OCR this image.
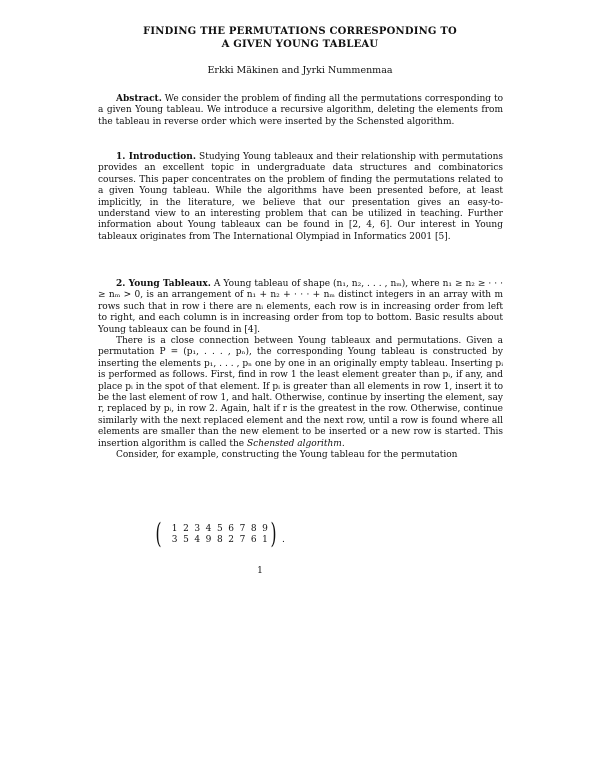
FINDING THE PERMUTATIONS CORRESPONDING TO
A GIVEN YOUNG TABLEAU
Erkki Mäkinen and Jyrki Nummenmaa

Abstract. We consider the problem of finding all the permutations corresponding to a given Young tableau. We introduce a recursive algorithm, deleting the elements from the tableau in reverse order which were inserted by the Schensted algorithm.

1. Introduction. Studying Young tableaux and their relationship with permutations provides an excellent topic in undergraduate data structures and combinatorics courses. This paper concentrates on the problem of finding the permutations related to a given Young tableau. While the algorithms have been presented before, at least implicitly, in the literature, we believe that our presentation gives an easy-to-understand view to an interesting problem that can be utilized in teaching. Further information about Young tableaux can be found in [2, 4, 6]. Our interest in Young tableaux originates from The International Olympiad in Informatics 2001 [5].

2. Young Tableaux. A Young tableau of shape (n₁, n₂, . . . , nₘ), where n₁ ≥ n₂ ≥ · · · ≥ nₘ > 0, is an arrangement of n₁ + n₂ + · · · + nₘ distinct integers in an array with m rows such that in row i there are nᵢ elements, each row is in increasing order from left to right, and each column is in increasing order from top to bottom. Basic results about Young tableaux can be found in [4].

There is a close connection between Young tableaux and permutations. Given a permutation P = (p₁, . . . , pₙ), the corresponding Young tableau is constructed by inserting the elements p₁, . . . , pₙ one by one in an originally empty tableau. Inserting pᵢ is performed as follows. First, find in row 1 the least element greater than pᵢ, if any, and place pᵢ in the spot of that element. If pᵢ is greater than all elements in row 1, insert it to be the last element of row 1, and halt. Otherwise, continue by inserting the element, say r, replaced by pᵢ, in row 2. Again, halt if r is the greatest in the row. Otherwise, continue similarly with the next replaced element and the next row, until a row is found where all elements are smaller than the new element to be inserted or a new row is started. This insertion algorithm is called the Schensted algorithm.

Consider, for example, constructing the Young tableau for the permutation

(	1 2 3 4 5 6 7 8 9
3 5 4 9 8 2 7 6 1 ) .
1
